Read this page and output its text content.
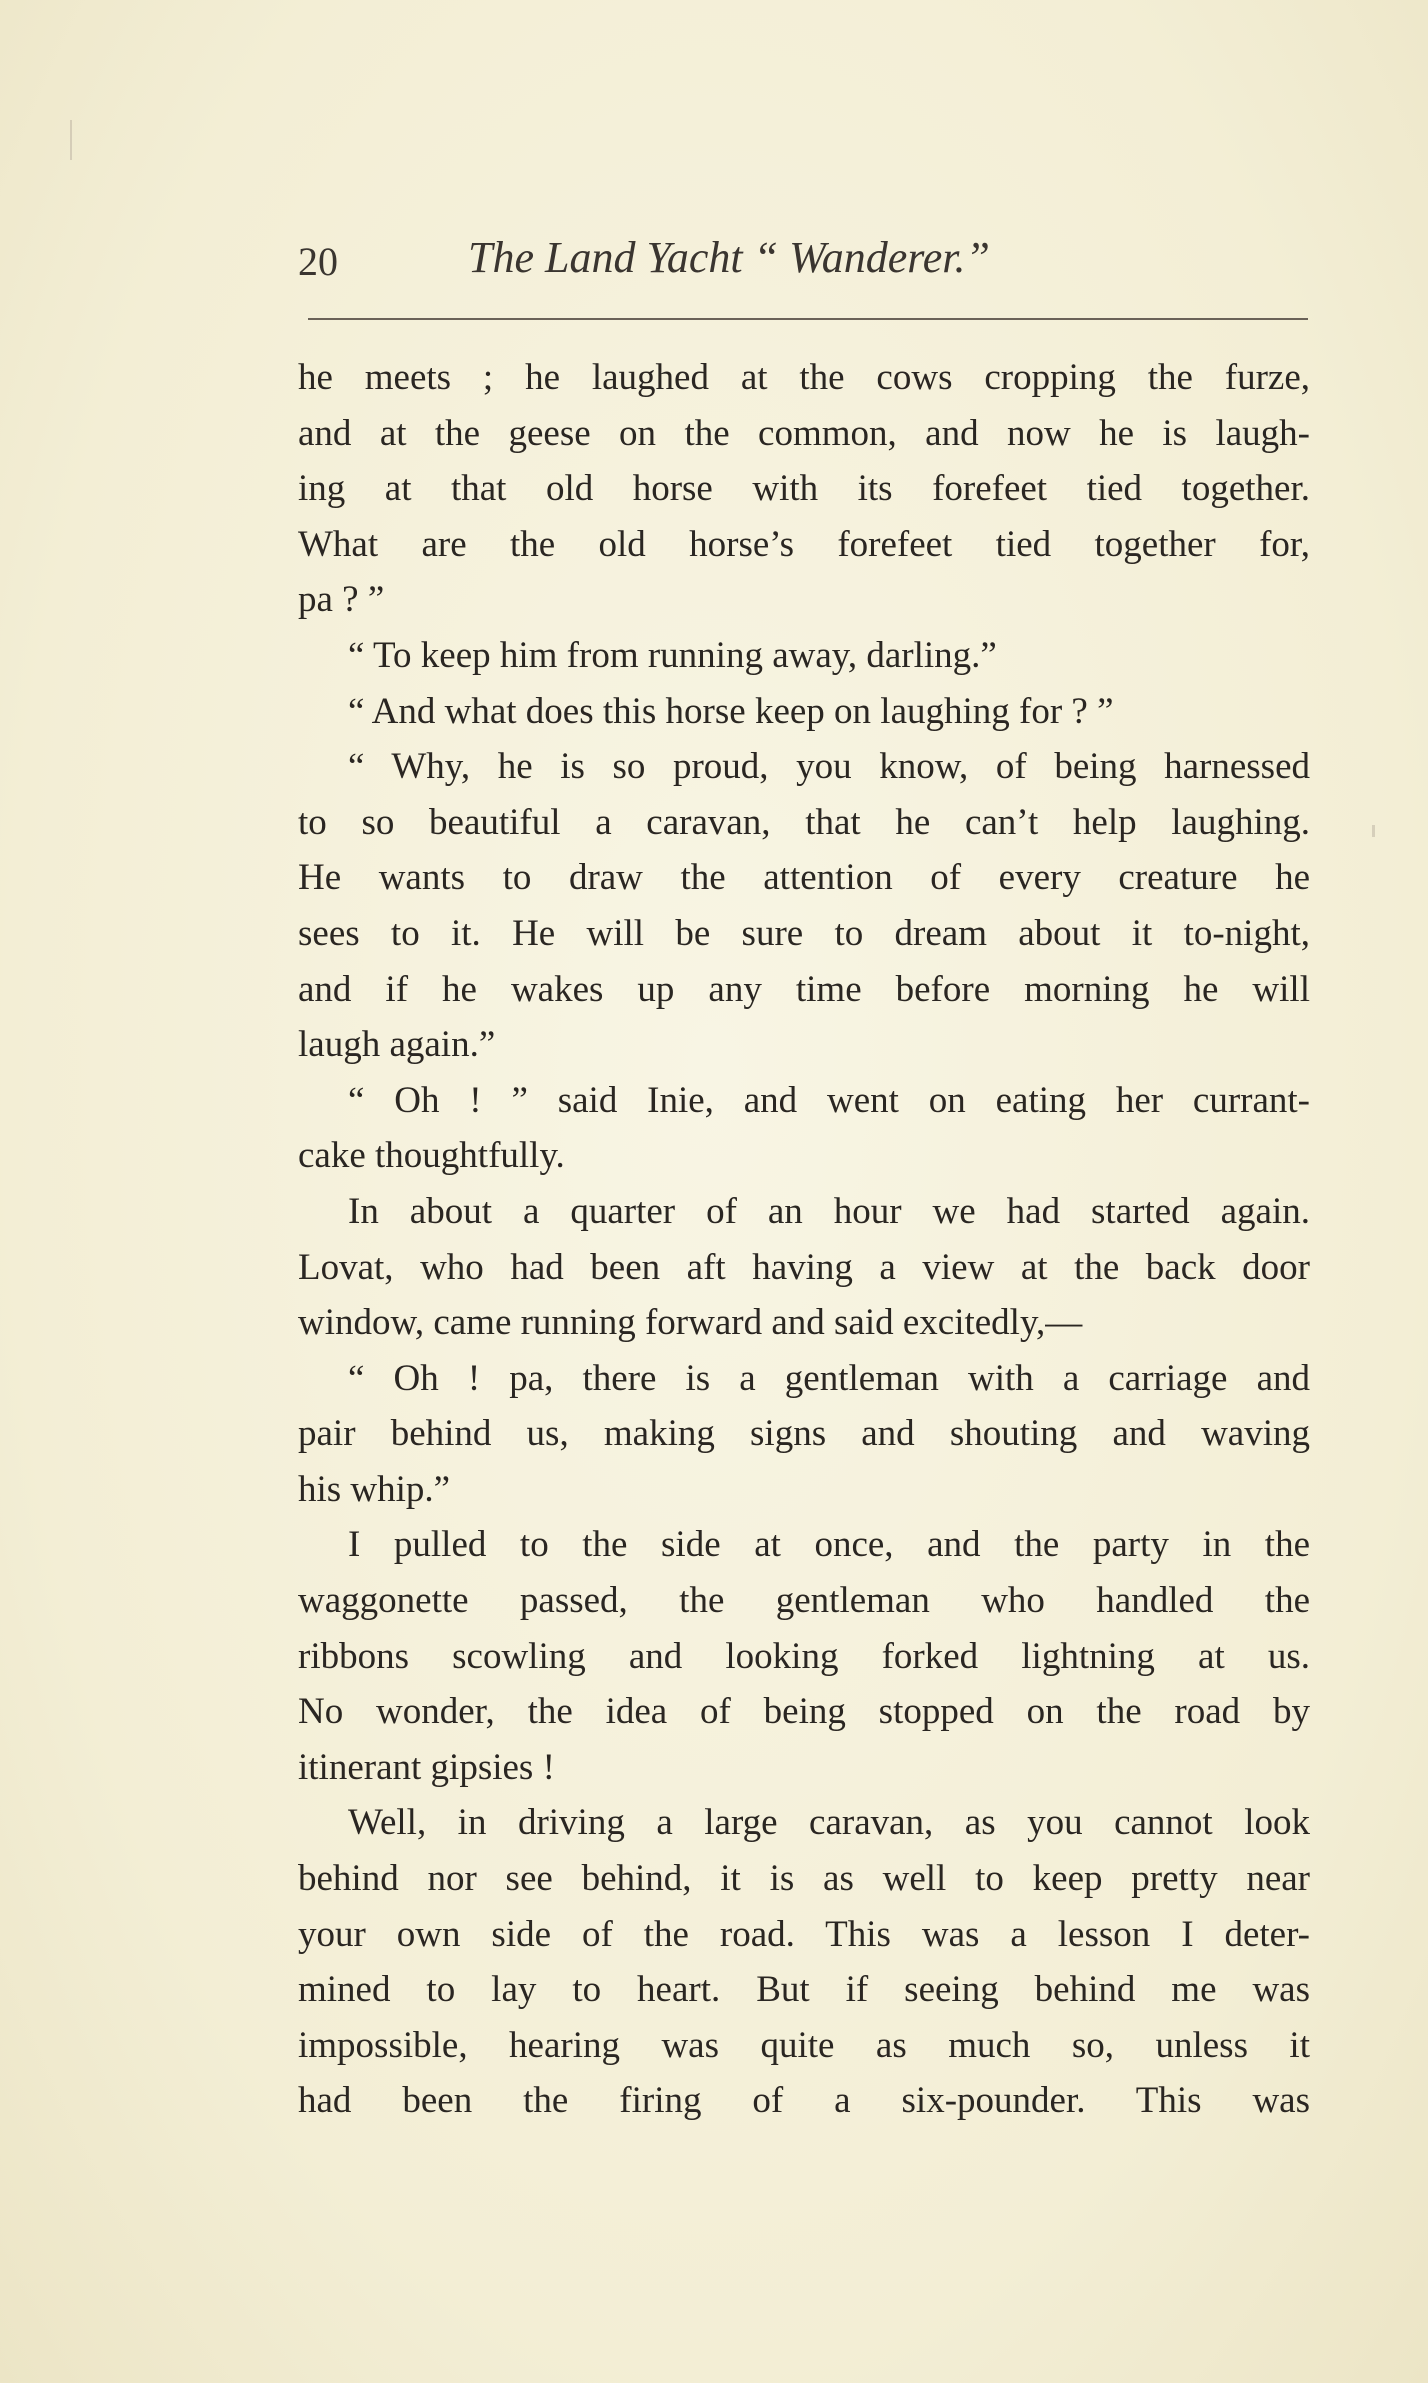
20	The Land Yacht “ Wanderer.”
he meets ; he laughed at the cows cropping the furze,
and at the geese on the common, and now he is laugh-
ing at that old horse with its forefeet tied together.
What are the old horse’s forefeet tied together for,
pa ? ”
“ To keep him from running away, darling.”
“ And what does this horse keep on laughing for ? ”
“ Why, he is so proud, you know, of being harnessed
to so beautiful a caravan, that he can’t help laughing.
He wants to draw the attention of every creature he
sees to it. He will be sure to dream about it to-night,
and if he wakes up any time before morning he will
laugh again.”
“ Oh ! ” said Inie, and went on eating her currant-
cake thoughtfully.
In about a quarter of an hour we had started again.
Lovat, who had been aft having a view at the back door
window, came running forward and said excitedly,—
“ Oh ! pa, there is a gentleman with a carriage and
pair behind us, making signs and shouting and waving
his whip.”
I pulled to the side at once, and the party in the
waggonette passed, the gentleman who handled the
ribbons scowling and looking forked lightning at us.
No wonder, the idea of being stopped on the road by
itinerant gipsies !
Well, in driving a large caravan, as you cannot look
behind nor see behind, it is as well to keep pretty near
your own side of the road. This was a lesson I deter-
mined to lay to heart. But if seeing behind me was
impossible, hearing was quite as much so, unless it
had been the firing of a six-pounder. This was
